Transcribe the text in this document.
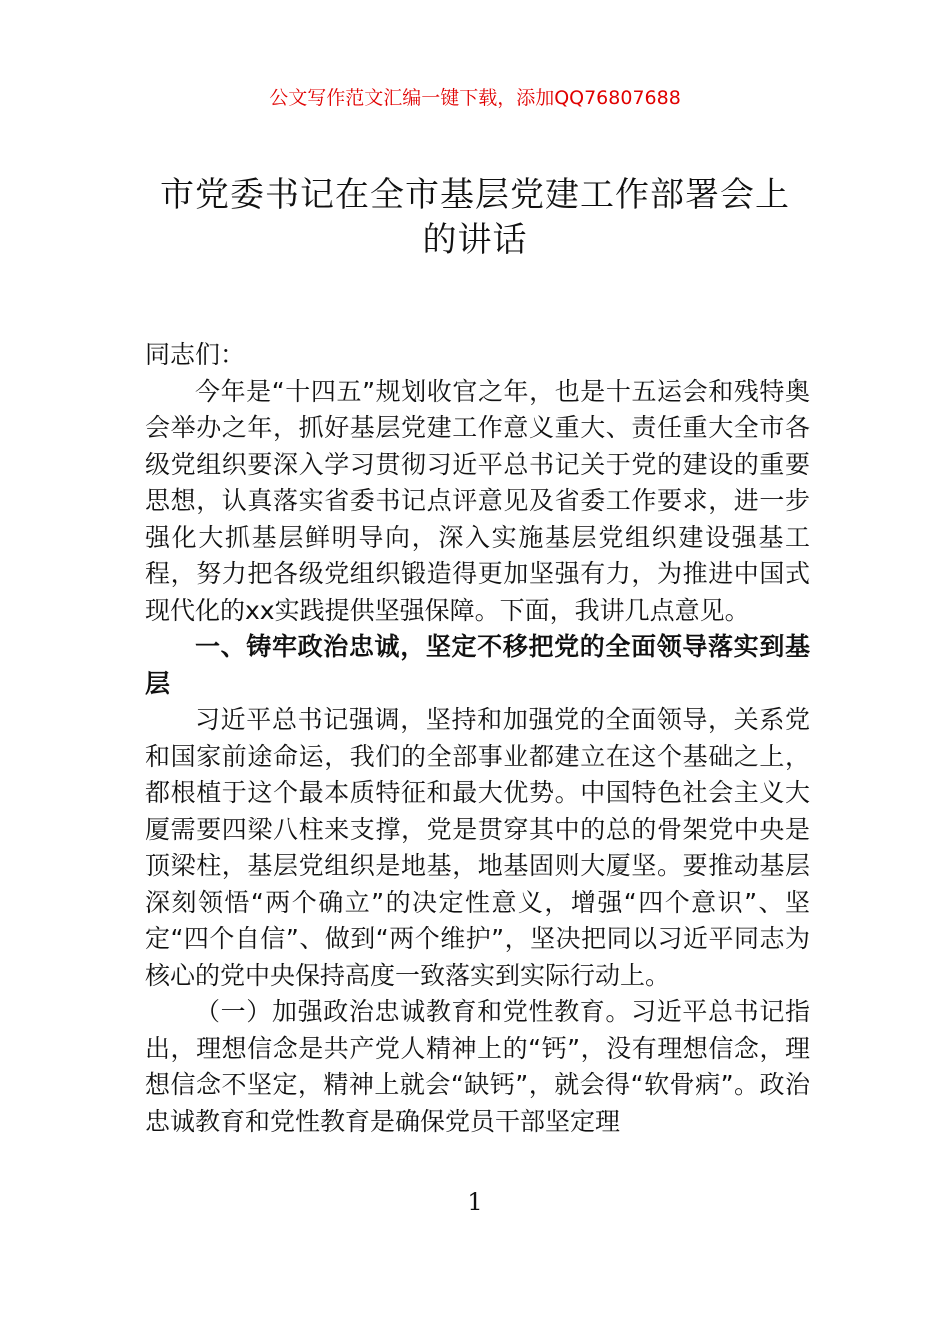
公文写作范文汇编一键下载，添加QQ76807688
市党委书记在全市基层党建工作部署会上
的讲话

同志们：

今年是“十四五”规划收官之年，也是十五运会和残特奥会举办之年，抓好基层党建工作意义重大、责任重大全市各级党组织要深入学习贯彻习近平总书记关于党的建设的重要思想，认真落实省委书记点评意见及省委工作要求，进一步强化大抓基层鲜明导向，深入实施基层党组织建设强基工程，努力把各级党组织锻造得更加坚强有力，为推进中国式现代化的xx实践提供坚强保障。下面，我讲几点意见。

一、铸牢政治忠诚，坚定不移把党的全面领导落实到基层

习近平总书记强调，坚持和加强党的全面领导，关系党和国家前途命运，我们的全部事业都建立在这个基础之上，都根植于这个最本质特征和最大优势。中国特色社会主义大厦需要四梁八柱来支撑，党是贯穿其中的总的骨架党中央是顶梁柱，基层党组织是地基，地基固则大厦坚。要推动基层深刻领悟“两个确立”的决定性意义，增强“四个意识”、坚定“四个自信”、做到“两个维护”，坚决把同以习近平同志为核心的党中央保持高度一致落实到实际行动上。

（一）加强政治忠诚教育和党性教育。习近平总书记指出，理想信念是共产党人精神上的“钙”，没有理想信念，理想信念不坚定，精神上就会“缺钙”，就会得“软骨病”。政治忠诚教育和党性教育是确保党员干部坚定理

1
